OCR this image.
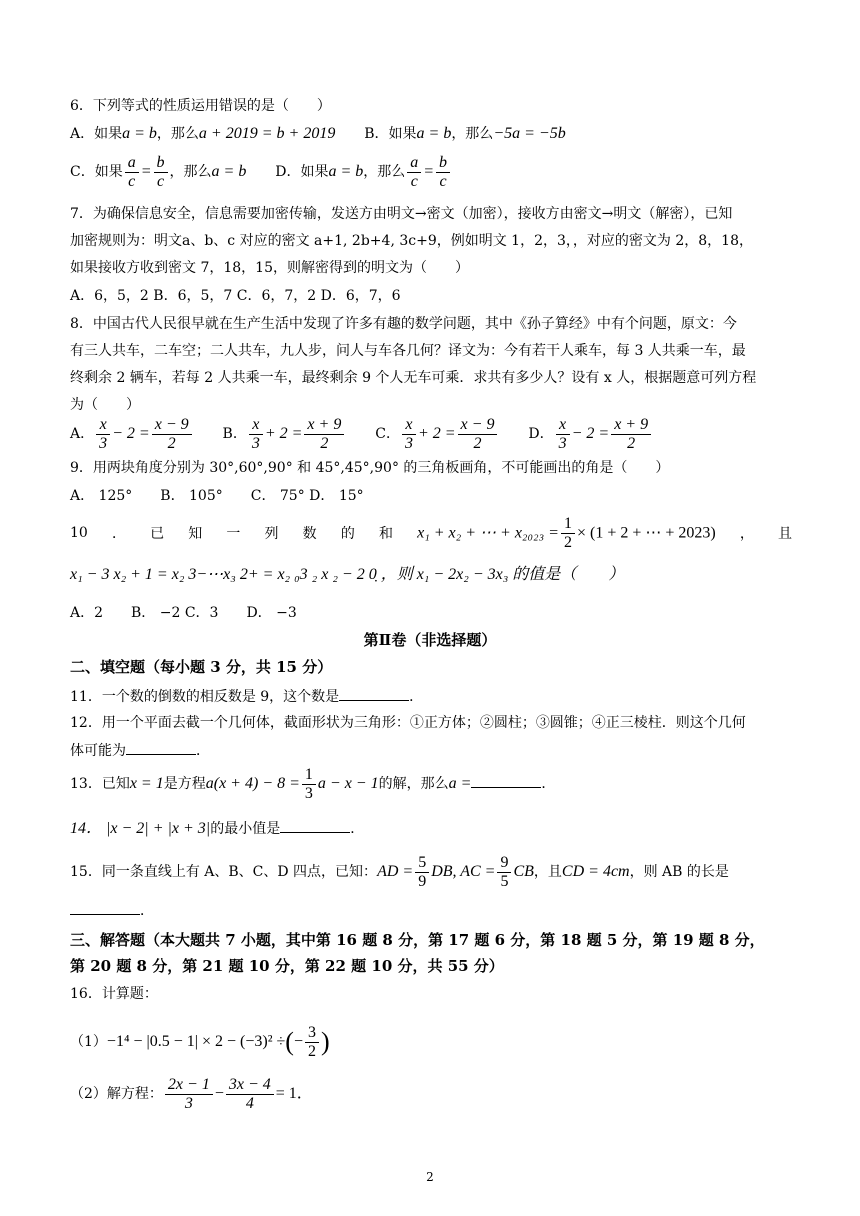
6．下列等式的性质运用错误的是（　　）
A．如果a = b，那么a + 2019 = b + 2019 B．如果a = b，那么−5a = −5b
C．如果 $\frac{a}{c} = \frac{b}{c}$ ，那么a = b D．如果a = b，那么 $\frac{a}{c} = \frac{b}{c}$
7．为确保信息安全，信息需要加密传输，发送方由明文→密文（加密），接收方由密文→明文（解密），已知
加密规则为：明文a、b、c 对应的密文 a+1, 2b+4, 3c+9，例如明文 1，2，3，，对应的密文为 2，8，18，
如果接收方收到密文 7，18，15，则解密得到的明文为（　　）
A．6，5，2 B．6，5，7 C．6，7，2 D．6，7，6
8．中国古代人民很早就在生产生活中发现了许多有趣的数学问题，其中《孙子算经》中有个问题，原文：今
有三人共车，二车空；二人共车，九人步，问人与车各几何？译文为：今有若干人乘车，每 3 人共乘一车，最
终剩余 2 辆车，若每 2 人共乘一车，最终剩余 9 个人无车可乘．求共有多少人？设有 x 人，根据题意可列方程
为（　　）
A． $\frac{x}{3} - 2 = \frac{x - 9}{2}$ B． $\frac{x}{3} + 2 = \frac{x + 9}{2}$ C． $\frac{x}{3} + 2 = \frac{x - 9}{2}$ D． $\frac{x}{3} - 2 = \frac{x + 9}{2}$
9．用两块角度分别为 30°,60°,90° 和 45°,45°,90° 的三角板画角，不可能画出的角是（　　）
A． 125°　　B． 105°　　C． 75° D． 15°
10 ． 已 知 一 列 数 的 和 x₁ + x₂ + ⋯ + $x_{2023} = \frac{1}{2} \times (1 + 2$ + ⋯ + 2023) ， 且
x₁ − 3 x₂ + 1 = x₂ 3−⋯x₃ 2+ = x₂ ₀3 ₂ x ₂ − 2 0̣ ，则 x₁ − 2x₂ − 3x₃ 的值是（　　）
A．2　　B． −2 C．3　　D． −3
第Ⅱ卷（非选择题）
二、填空题（每小题 3 分，共 15 分）
11．一个数的倒数的相反数是 9，这个数是	．
12．用一个平面去截一个几何体，截面形状为三角形：①正方体；②圆柱；③圆锥；④正三棱柱．则这个几何
体可能为	．
13．已知x = 1是方程$a(x + 4) - 8 = \frac{1}{3}$ a − x − 1的解，那么a =	．
14． |x − 2| + |x + 3|的最小值是	．
15．同一条直线上有 A、B、C、D 四点，已知：AD = $\frac{5}{9}$ DB, AC = $\frac{9}{5}$ CB，且CD = 4cm，则 AB 的长是
．
三、解答题（本大题共 7 小题，其中第 16 题 8 分，第 17 题 6 分，第 18 题 5 分，第 19 题 8 分，
第 20 题 8 分，第 21 题 10 分，第 22 题 10 分，共 55 分）
16．计算题：
（1）−1⁴ − |0.5 − 1| × 2 − (−3)² ÷(− $\frac{3}{2}$ )
（2）解方程： $\frac{2x - 1}{3} - \frac{3x - 4}{4} = 1$．
2
